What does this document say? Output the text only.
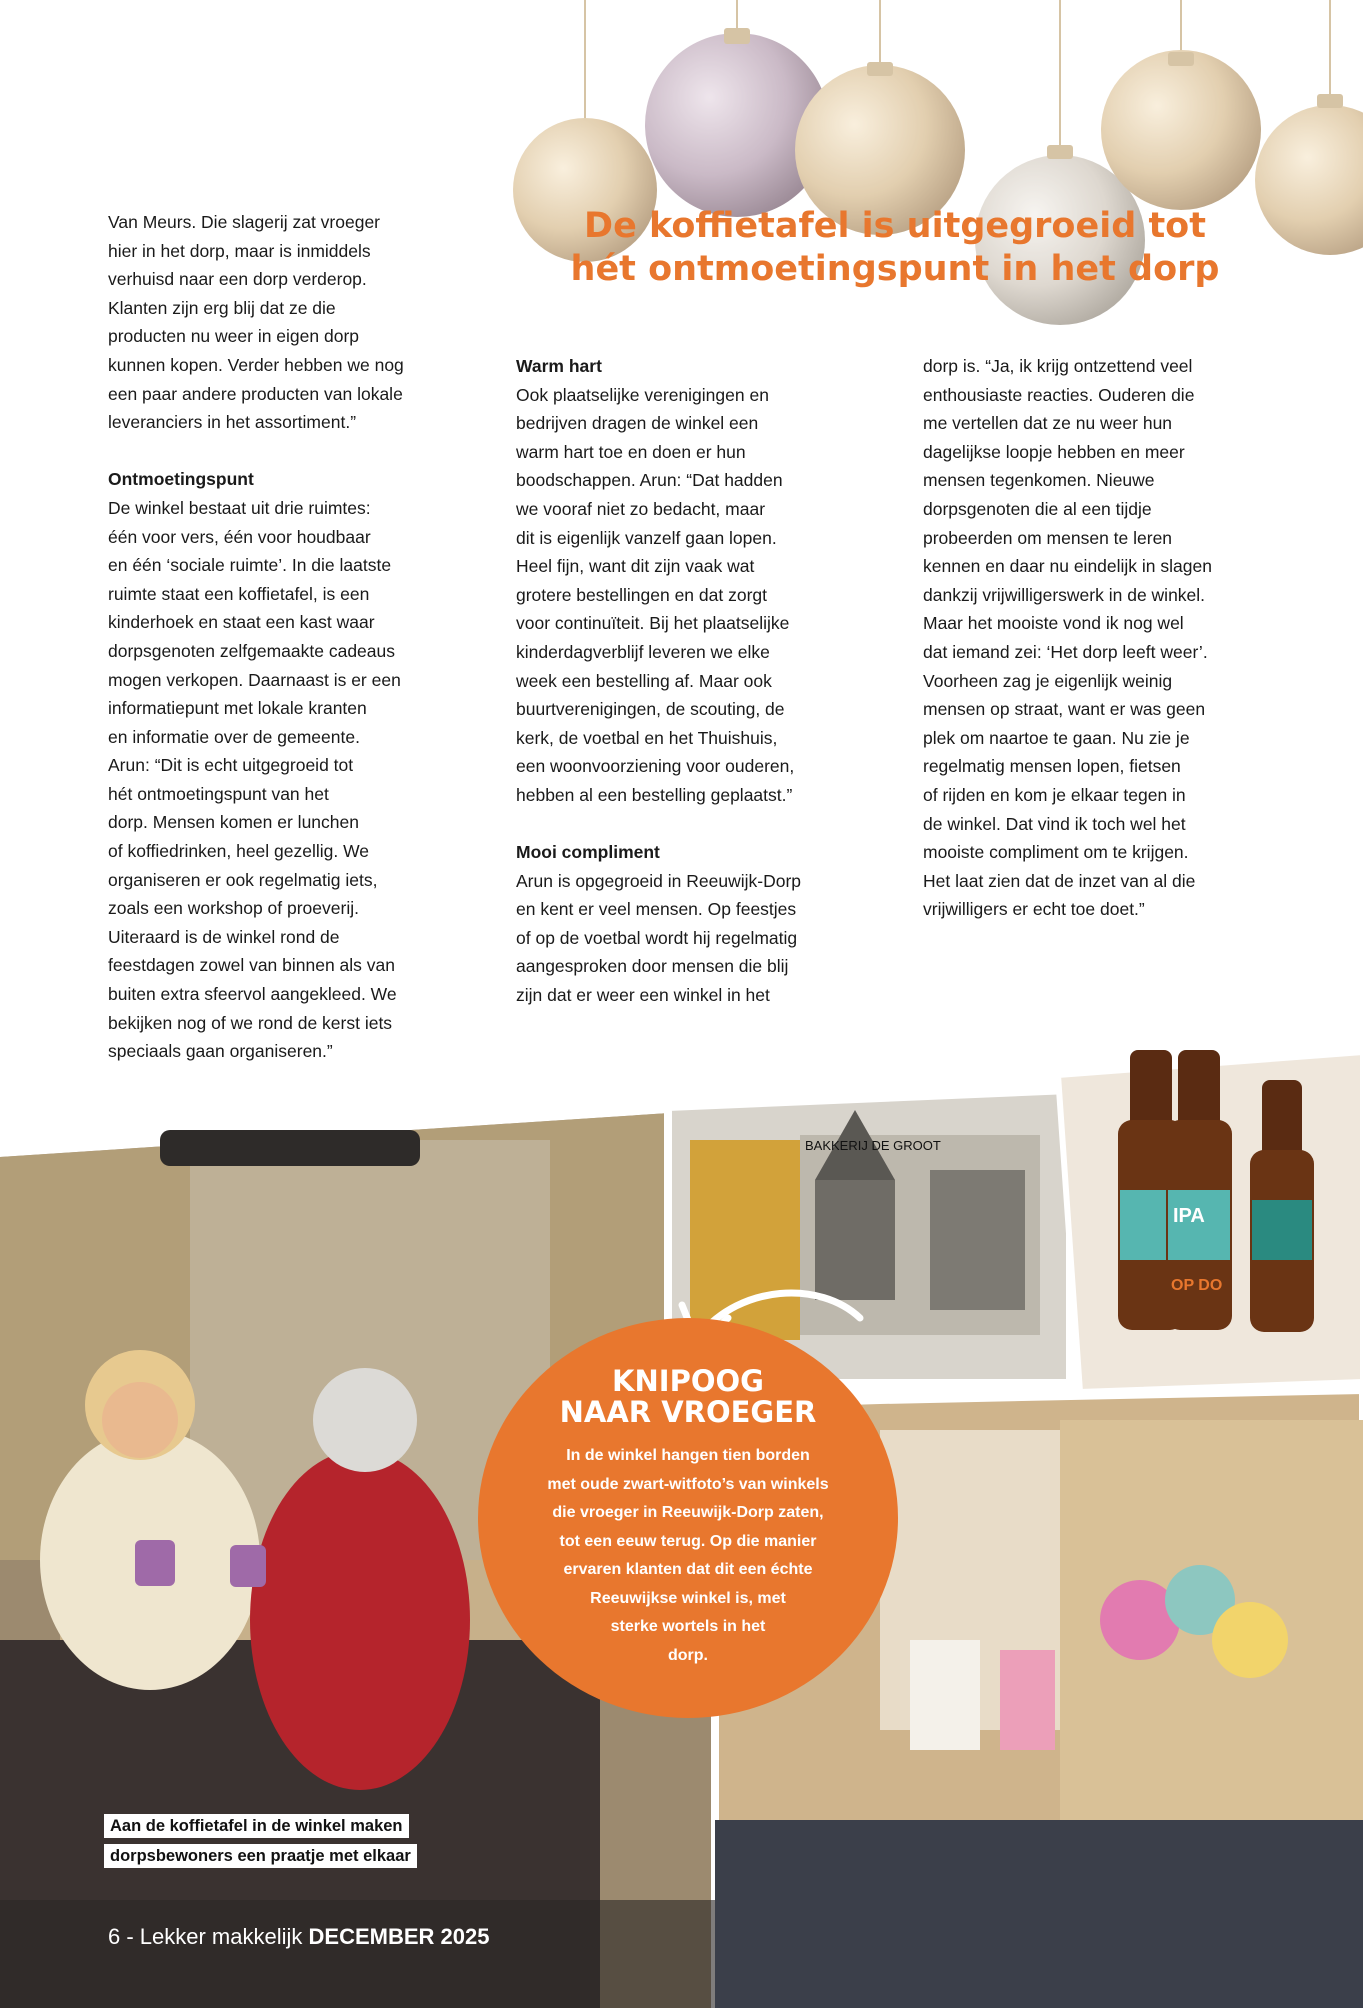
De koffietafel is uitgegroeid tot
hét ontmoetingspunt in het dorp

Van Meurs. Die slagerij zat vroeger

hier in het dorp, maar is inmiddels

verhuisd naar een dorp verderop.

Klanten zijn erg blij dat ze die

producten nu weer in eigen dorp

kunnen kopen. Verder hebben we nog

een paar andere producten van lokale

leveranciers in het assortiment.”

Ontmoetingspunt

De winkel bestaat uit drie ruimtes:

één voor vers, één voor houdbaar

en één ‘sociale ruimte’. In die laatste

ruimte staat een koffietafel, is een

kinderhoek en staat een kast waar

dorpsgenoten zelfgemaakte cadeaus

mogen verkopen. Daarnaast is er een

informatiepunt met lokale kranten

en informatie over de gemeente.

Arun: “Dit is echt uitgegroeid tot

hét ontmoetingspunt van het

dorp. Mensen komen er lunchen

of koffiedrinken, heel gezellig. We

organiseren er ook regelmatig iets,

zoals een workshop of proeverij.

Uiteraard is de winkel rond de

feestdagen zowel van binnen als van

buiten extra sfeervol aangekleed. We

bekijken nog of we rond de kerst iets

speciaals gaan organiseren.”

Warm hart

Ook plaatselijke verenigingen en

bedrijven dragen de winkel een

warm hart toe en doen er hun

boodschappen. Arun: “Dat hadden

we vooraf niet zo bedacht, maar

dit is eigenlijk vanzelf gaan lopen.

Heel fijn, want dit zijn vaak wat

grotere bestellingen en dat zorgt

voor continuïteit. Bij het plaatselijke

kinderdagverblijf leveren we elke

week een bestelling af. Maar ook

buurtverenigingen, de scouting, de

kerk, de voetbal en het Thuishuis,

een woonvoorziening voor ouderen,

hebben al een bestelling geplaatst.”

Mooi compliment

Arun is opgegroeid in Reeuwijk-Dorp

en kent er veel mensen. Op feestjes

of op de voetbal wordt hij regelmatig

aangesproken door mensen die blij

zijn dat er weer een winkel in het

dorp is. “Ja, ik krijg ontzettend veel

enthousiaste reacties. Ouderen die

me vertellen dat ze nu weer hun

dagelijkse loopje hebben en meer

mensen tegenkomen. Nieuwe

dorpsgenoten die al een tijdje

probeerden om mensen te leren

kennen en daar nu eindelijk in slagen

dankzij vrijwilligerswerk in de winkel.

Maar het mooiste vond ik nog wel

dat iemand zei: ‘Het dorp leeft weer’.

Voorheen zag je eigenlijk weinig

mensen op straat, want er was geen

plek om naartoe te gaan. Nu zie je

regelmatig mensen lopen, fietsen

of rijden en kom je elkaar tegen in

de winkel. Dat vind ik toch wel het

mooiste compliment om te krijgen.

Het laat zien dat de inzet van al die

vrijwilligers er echt toe doet.”

BAKKERIJ DE GROOT
IPA
OP DO
KNIPOOG
NAAR VROEGER

In de winkel hangen tien borden
met oude zwart-witfoto’s van winkels
die vroeger in Reeuwijk-Dorp zaten,
tot een eeuw terug. Op die manier
ervaren klanten dat dit een échte
Reeuwijkse winkel is, met
sterke wortels in het
dorp.

Aan de koffietafel in de winkel maken
dorpsbewoners een praatje met elkaar
6 - Lekker makkelijk DECEMBER 2025
